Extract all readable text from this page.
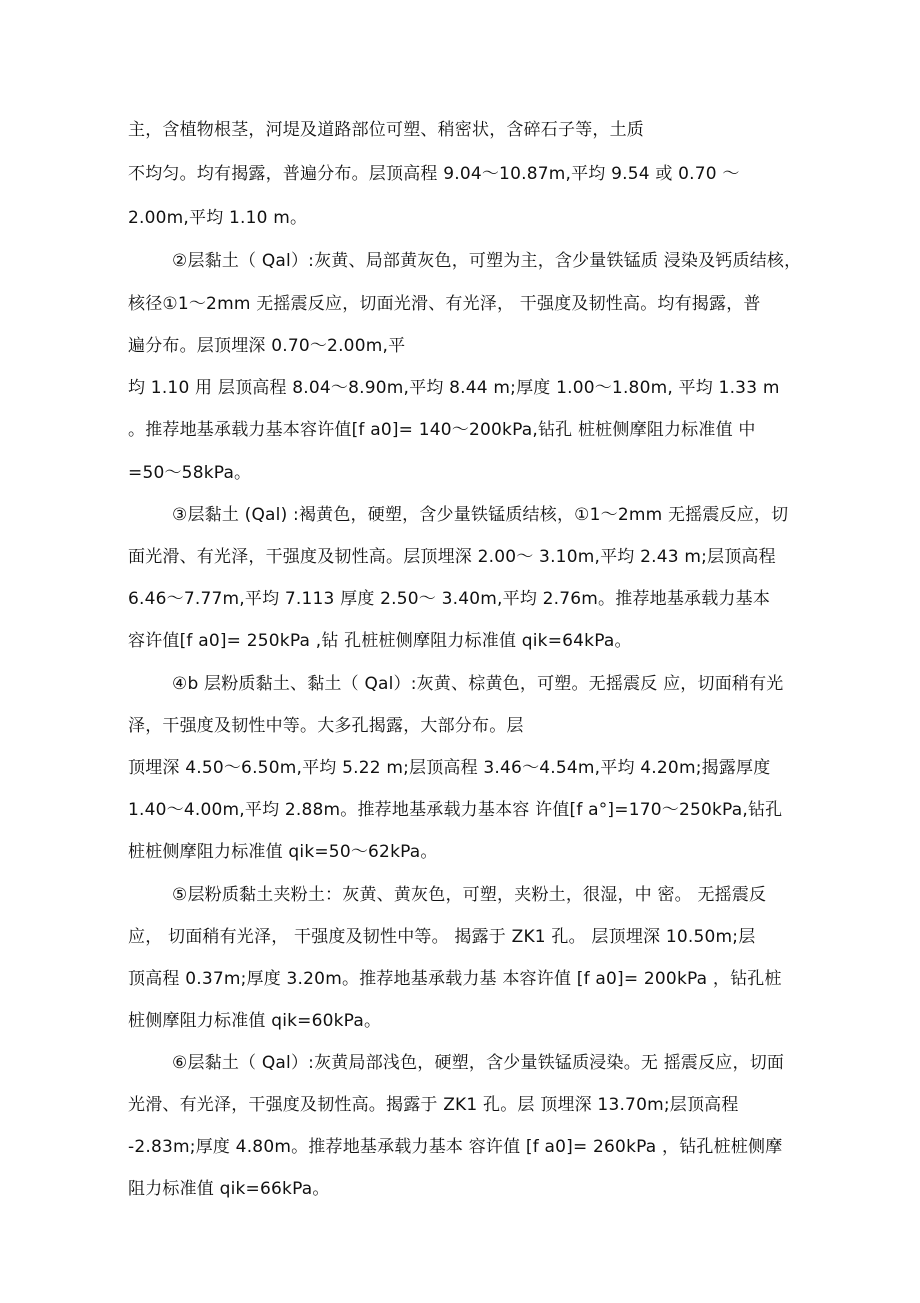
主，含植物根茎，河堤及道路部位可塑、稍密状，含碎石子等，土质
不均匀。均有揭露，普遍分布。层顶高程 9.04～10.87m,平均 9.54 或 0.70 ～
2.00m,平均 1.10 m。
②层黏土（ Qal）:灰黄、局部黄灰色，可塑为主，含少量铁锰质 浸染及钙质结核，
核径①1～2mm 无摇震反应，切面光滑、有光泽， 干强度及韧性高。均有揭露，普
遍分布。层顶埋深 0.70～2.00m,平
均 1.10 用 层顶高程 8.04～8.90m,平均 8.44 m;厚度 1.00～1.80m, 平均 1.33 m
。推荐地基承载力基本容许值[f a0]= 140～200kPa,钻孔 桩桩侧摩阻力标准值 中
=50～58kPa。
③层黏土 (Qal) :褐黄色，硬塑，含少量铁锰质结核，①1～2mm 无摇震反应，切
面光滑、有光泽，干强度及韧性高。层顶埋深 2.00～ 3.10m,平均 2.43 m;层顶高程
6.46～7.77m,平均 7.113 厚度 2.50～ 3.40m,平均 2.76m。推荐地基承载力基本
容许值[f a0]= 250kPa ,钻 孔桩桩侧摩阻力标准值 qik=64kPa。
④b 层粉质黏土、黏土（ Qal）:灰黄、棕黄色，可塑。无摇震反 应，切面稍有光
泽，干强度及韧性中等。大多孔揭露，大部分布。层
顶埋深 4.50～6.50m,平均 5.22 m;层顶高程 3.46～4.54m,平均 4.20m;揭露厚度
1.40～4.00m,平均 2.88m。推荐地基承载力基本容 许值[f a°]=170～250kPa,钻孔
桩桩侧摩阻力标准值 qik=50～62kPa。
⑤层粉质黏土夹粉土：灰黄、黄灰色，可塑，夹粉土，很湿，中 密。 无摇震反
应， 切面稍有光泽， 干强度及韧性中等。 揭露于 ZK1 孔。 层顶埋深 10.50m;层
顶高程 0.37m;厚度 3.20m。推荐地基承载力基 本容许值 [f a0]= 200kPa ，钻孔桩
桩侧摩阻力标准值 qik=60kPa。
⑥层黏土（ Qal）:灰黄局部浅色，硬塑，含少量铁锰质浸染。无 摇震反应，切面
光滑、有光泽，干强度及韧性高。揭露于 ZK1 孔。层 顶埋深 13.70m;层顶高程
-2.83m;厚度 4.80m。推荐地基承载力基本 容许值 [f a0]= 260kPa ，钻孔桩桩侧摩
阻力标准值 qik=66kPa。
